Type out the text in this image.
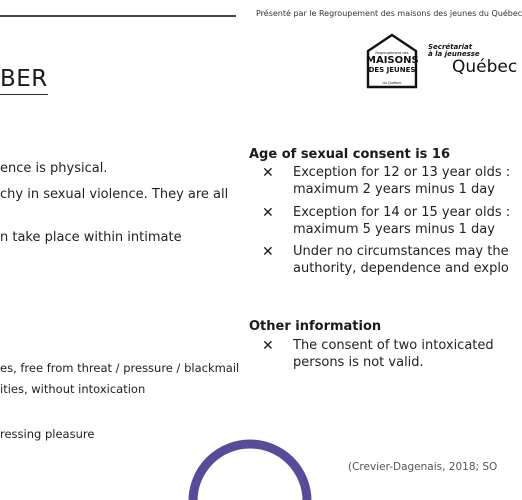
Présenté par le Regroupement des maisons des jeunes du Québec
BER
Regroupement des
MAISONS
DES JEUNES
du Québec
Secrétariat
à la jeunesse
Québec
ence is physical.
chy in sexual violence. They are all
n take place within intimate
es, free from threat / pressure / blackmail
ities, without intoxication
ressing pleasure
Age of sexual consent is 16
✕ Exception for 12 or 13 year olds :
maximum 2 years minus 1 day
✕ Exception for 14 or 15 year olds :
maximum 5 years minus 1 day
✕ Under no circumstances may the
authority, dependence and explo
Other information
✕ The consent of two intoxicated
persons is not valid.
(Crevier-Dagenais, 2018; SO
